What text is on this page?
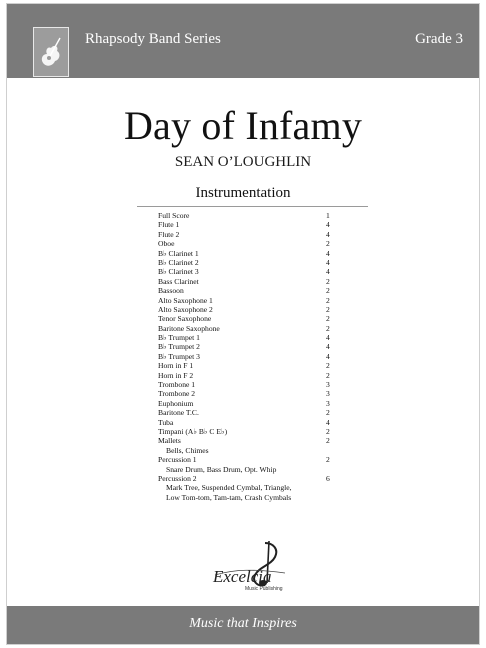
Rhapsody Band Series	Grade 3
Day of Infamy
SEAN O’LOUGHLIN
Instrumentation
Full Score	1
Flute 1	4
Flute 2	4
Oboe	2
B♭ Clarinet 1	4
B♭ Clarinet 2	4
B♭ Clarinet 3	4
Bass Clarinet	2
Bassoon	2
Alto Saxophone 1	2
Alto Saxophone 2	2
Tenor Saxophone	2
Baritone Saxophone	2
B♭ Trumpet 1	4
B♭ Trumpet 2	4
B♭ Trumpet 3	4
Horn in F 1	2
Horn in F 2	2
Trombone 1	3
Trombone 2	3
Euphonium	3
Baritone T.C.	2
Tuba	4
Timpani (A♭ B♭ C E♭)	2
Mallets	2
Bells, Chimes
Percussion 1	2
Snare Drum, Bass Drum, Opt. Whip
Percussion 2	6
Mark Tree, Suspended Cymbal, Triangle,
Low Tom-tom, Tam-tam, Crash Cymbals
Excelcia
Music Publishing
Music that Inspires
